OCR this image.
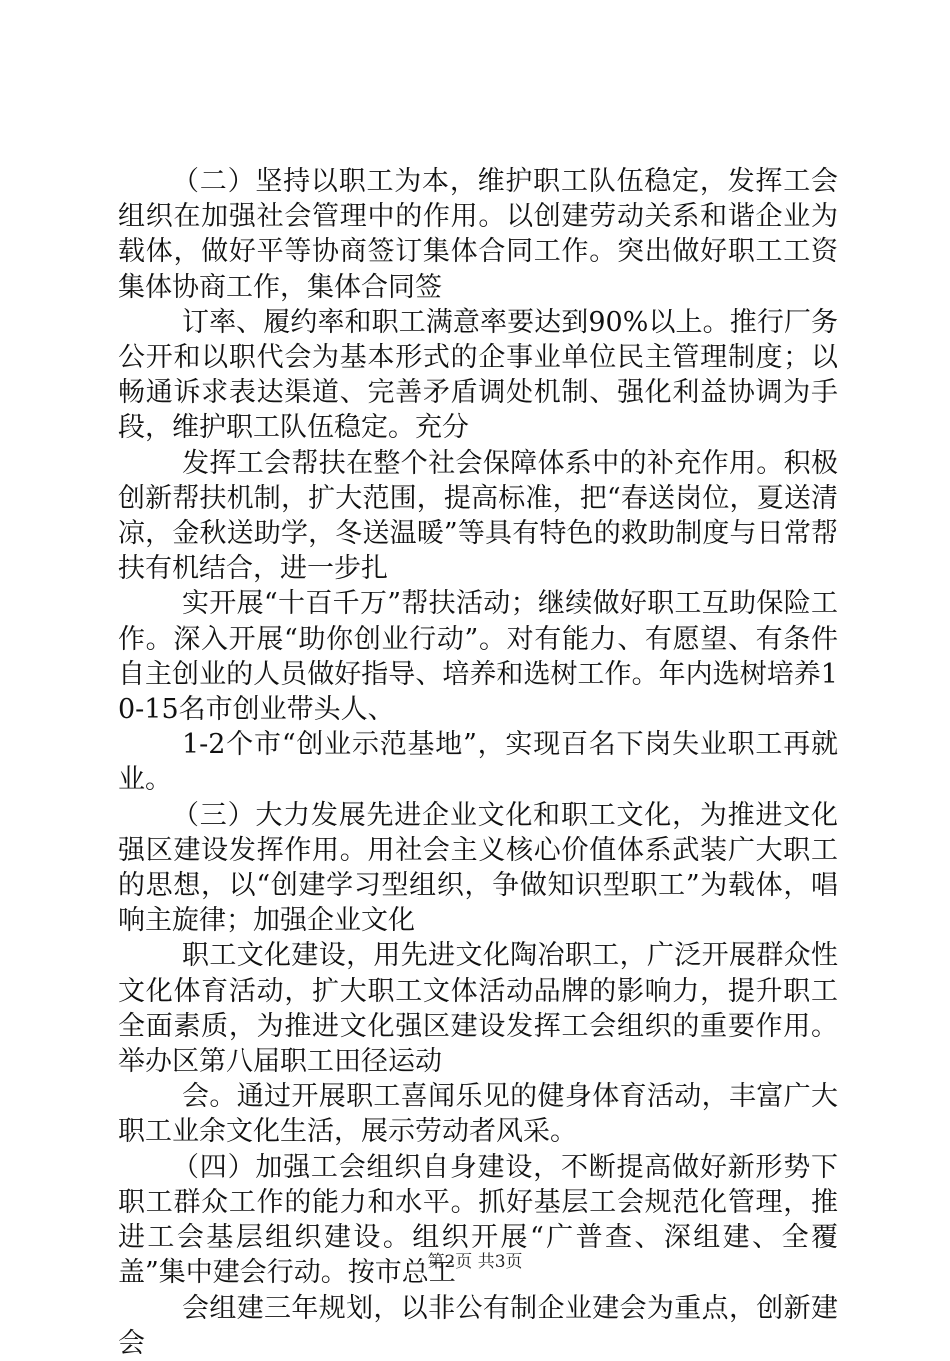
（二）坚持以职工为本，维护职工队伍稳定，发挥工会组织在加强社会管理中的作用。以创建劳动关系和谐企业为载体，做好平等协商签订集体合同工作。突出做好职工工资集体协商工作，集体合同签

订率、履约率和职工满意率要达到90%以上。推行厂务公开和以职代会为基本形式的企事业单位民主管理制度；以畅通诉求表达渠道、完善矛盾调处机制、强化利益协调为手段，维护职工队伍稳定。充分

发挥工会帮扶在整个社会保障体系中的补充作用。积极创新帮扶机制，扩大范围，提高标准，把“春送岗位，夏送清凉，金秋送助学，冬送温暖”等具有特色的救助制度与日常帮扶有机结合，进一步扎

实开展“十百千万”帮扶活动；继续做好职工互助保险工作。深入开展“助你创业行动”。对有能力、有愿望、有条件自主创业的人员做好指导、培养和选树工作。年内选树培养10-15名市创业带头人、

1-2个市“创业示范基地”，实现百名下岗失业职工再就业。

（三）大力发展先进企业文化和职工文化，为推进文化强区建设发挥作用。用社会主义核心价值体系武装广大职工的思想，以“创建学习型组织，争做知识型职工”为载体，唱响主旋律；加强企业文化

职工文化建设，用先进文化陶冶职工，广泛开展群众性文化体育活动，扩大职工文体活动品牌的影响力，提升职工全面素质，为推进文化强区建设发挥工会组织的重要作用。举办区第八届职工田径运动

会。通过开展职工喜闻乐见的健身体育活动，丰富广大职工业余文化生活，展示劳动者风采。

（四）加强工会组织自身建设，不断提高做好新形势下职工群众工作的能力和水平。抓好基层工会规范化管理，推进工会基层组织建设。组织开展“广普查、深组建、全覆盖”集中建会行动。按市总工

会组建三年规划，以非公有制企业建会为重点，创新建会

第2页 共3页
